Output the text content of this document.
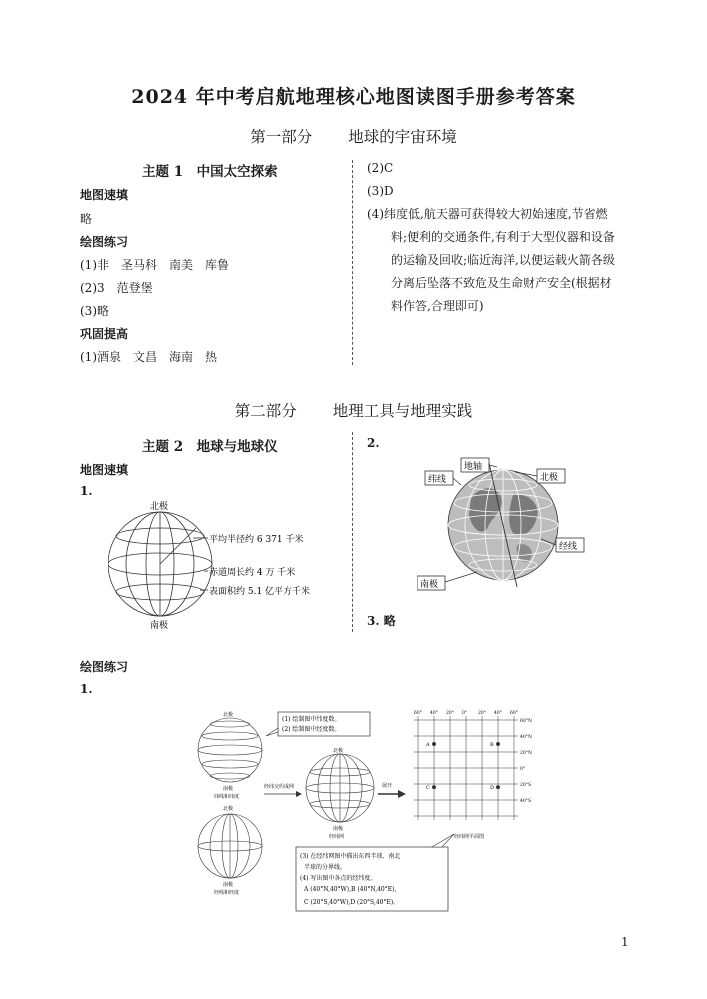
2024 年中考启航地理核心地图读图手册参考答案
第一部分 地球的宇宙环境
主题 1　中国太空探索
地图速填
略
绘图练习
(1)非　圣马科　南美　库鲁
(2)3　范登堡
(3)略
巩固提高
(1)酒泉　文昌　海南　热
(2)C
(3)D
(4)纬度低,航天器可获得较大初始速度,节省燃
料;便利的交通条件,有利于大型仪器和设备
的运输及回收;临近海洋,以便运载火箭各级
分离后坠落不致危及生命财产安全(根据材
料作答,合理即可)
第二部分 地理工具与地理实践
主题 2　地球与地球仪
地图速填
1.
2.
3. 略
北极
南极
平均半径约 6 371 千米
赤道周长约 4 万 千米
表面积约 5.1 亿平方千米
地轴
纬线	北极
经线
南极
绘图练习
1.
北极
南极
纬线和纬度
北极
南极
经线和经度
(1) 绘制图中纬度数。
(2) 绘制图中经度数。
经纬交织成网
北极
南极
经纬网
展开
60° 40° 20° 0° 20° 40° 60°
60°N
40°N
20°N
0°
20°S
40°S
A	B
C	D
经纬网平面图
(3) 在经纬网图中描出东西半球、南北
半球的分界线。
(4) 写出图中各点的经纬度。
A (40°N,40°W),B (40°N,40°E),
C (20°S,40°W),D (20°S,40°E)。
1
